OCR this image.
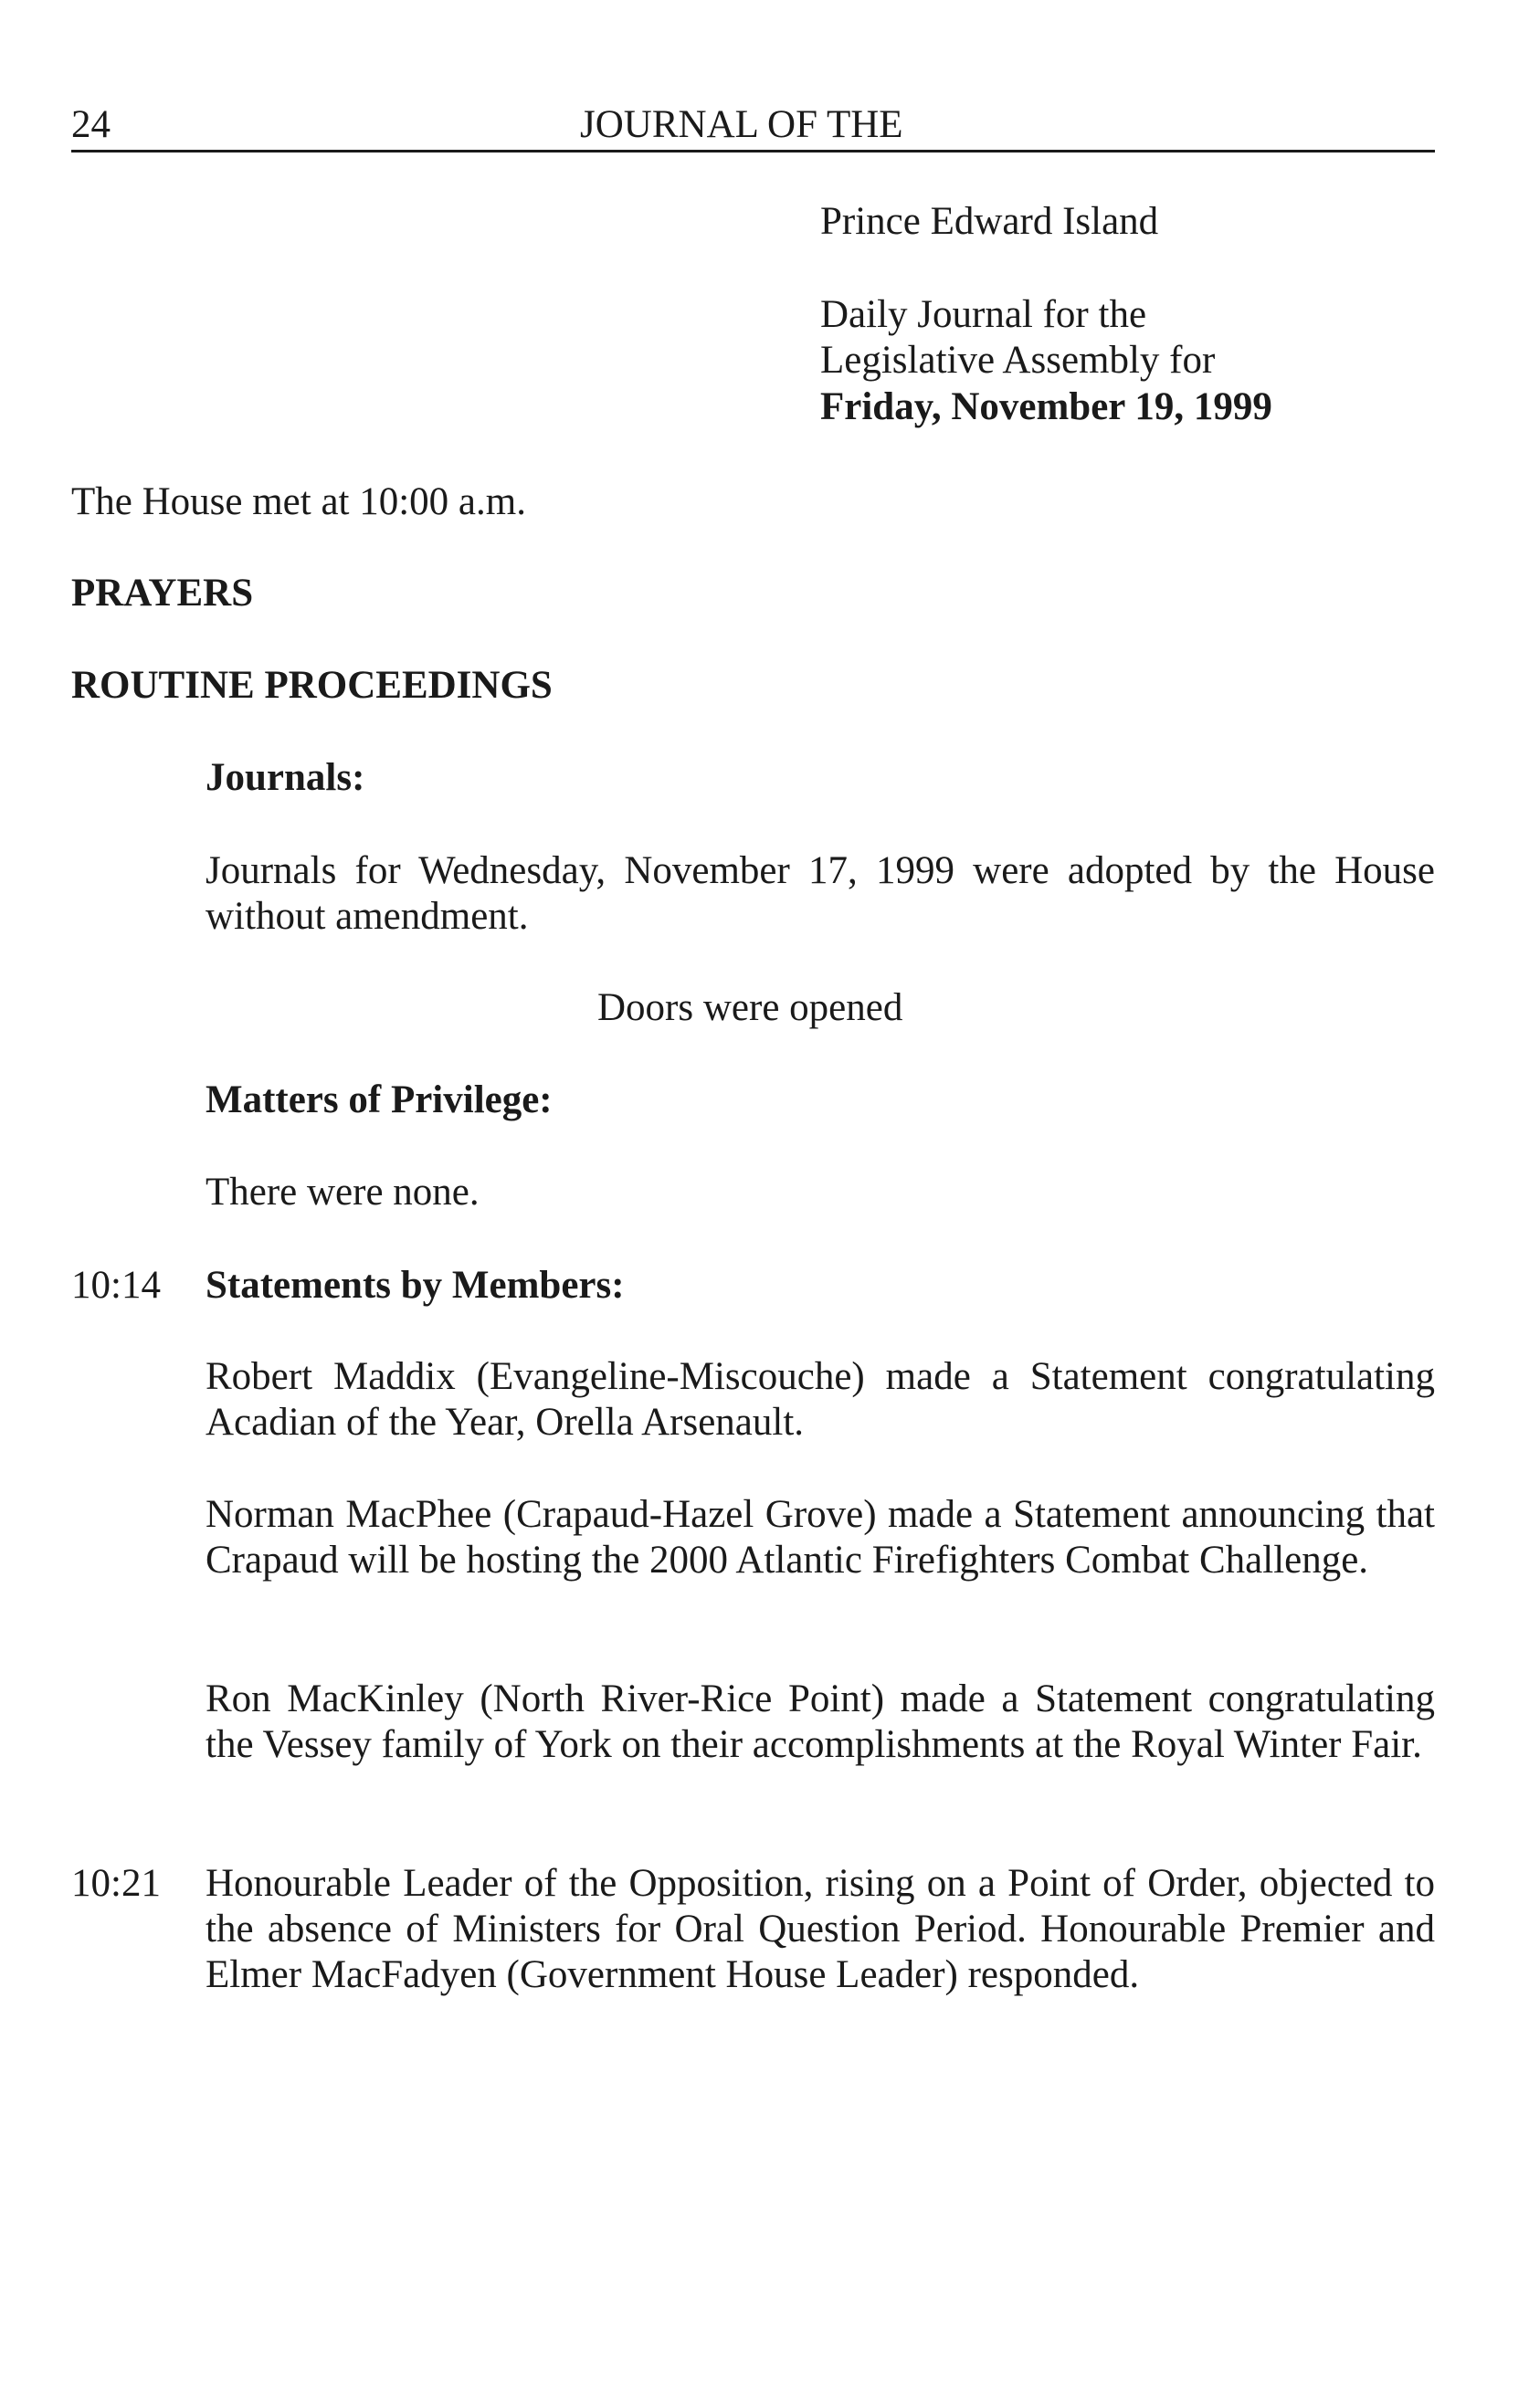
24	JOURNAL OF THE
Prince Edward Island
Daily Journal for the
Legislative Assembly for
Friday, November 19, 1999
The House met at 10:00 a.m.
PRAYERS
ROUTINE PROCEEDINGS
Journals:
Journals for Wednesday, November 17, 1999 were adopted by the House without amendment.
Doors were opened
Matters of Privilege:
There were none.
10:14 Statements by Members:
Robert Maddix (Evangeline-Miscouche) made a Statement congratulating Acadian of the Year, Orella Arsenault.
Norman MacPhee (Crapaud-Hazel Grove) made a Statement announcing that Crapaud will be hosting the 2000 Atlantic Firefighters Combat Challenge.
Ron MacKinley (North River-Rice Point) made a Statement congratulating the Vessey family of York on their accomplishments at the Royal Winter Fair.
10:21 Honourable Leader of the Opposition, rising on a Point of Order, objected to the absence of Ministers for Oral Question Period. Honourable Premier and Elmer MacFadyen (Government House Leader) responded.
